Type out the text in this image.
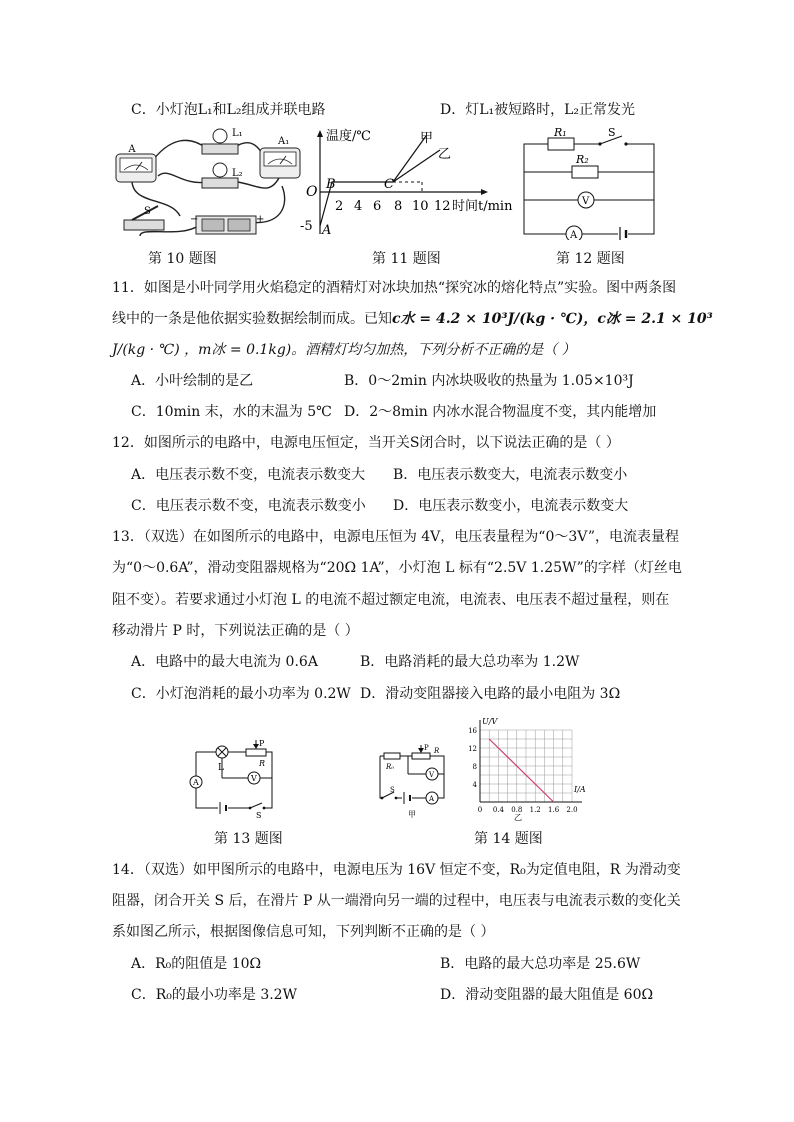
C．小灯泡L₁和L₂组成并联电路	D．灯L₁被短路时，L₂正常发光
A
L₁
L₂
A₁
S
−	+
温度/℃
O
-5 A
B	C
甲
乙
2 4 6 8 10 12 时间t/min
R₁	S
R₂
V
A
第 10 题图	第 11 题图	第 12 题图
11．如图是小叶同学用火焰稳定的酒精灯对冰块加热“探究冰的熔化特点”实验。图中两条图
线中的一条是他依据实验数据绘制而成。已知c水 = 4.2 × 10³J/(kg · ℃)，c冰 = 2.1 × 10³
J/(kg · ℃) ，m冰 = 0.1kg)。酒精灯均匀加热，下列分析不正确的是（ ）
A．小叶绘制的是乙	B．0～2min 内冰块吸收的热量为 1.05×10³J
C．10min 末，水的末温为 5℃ D．2～8min 内冰水混合物温度不变，其内能增加
12．如图所示的电路中，电源电压恒定，当开关S闭合时，以下说法正确的是（ ）
A．电压表示数不变，电流表示数变大 B．电压表示数变大，电流表示数变小
C．电压表示数不变，电流表示数变小 D．电压表示数变小，电流表示数变大
13．（双选）在如图所示的电路中，电源电压恒为 4V，电压表量程为“0～3V”，电流表量程
为“0～0.6A”，滑动变阻器规格为“20Ω 1A”，小灯泡 L 标有“2.5V 1.25W”的字样（灯丝电
阻不变）。若要求通过小灯泡 L 的电流不超过额定电流，电流表、电压表不超过量程，则在
移动滑片 P 时，下列说法正确的是（ ）
A．电路中的最大电流为 0.6A	B．电路消耗的最大总功率为 1.2W
C．小灯泡消耗的最小功率为 0.2W D．滑动变阻器接入电路的最小电阻为 3Ω
L
P
R
V
A
S
R₀
P R
V
A
S
甲	0 0.4 0.8 1.2 1.6 2.0
4
8
12
16
U/V
I/A
乙
第 13 题图	第 14 题图
14．（双选）如甲图所示的电路中，电源电压为 16V 恒定不变，R₀为定值电阻，R 为滑动变
阻器，闭合开关 S 后，在滑片 P 从一端滑向另一端的过程中，电压表与电流表示数的变化关
系如图乙所示，根据图像信息可知，下列判断不正确的是（ ）
A．R₀的阻值是 10Ω	B．电路的最大总功率是 25.6W
C．R₀的最小功率是 3.2W	D．滑动变阻器的最大阻值是 60Ω
